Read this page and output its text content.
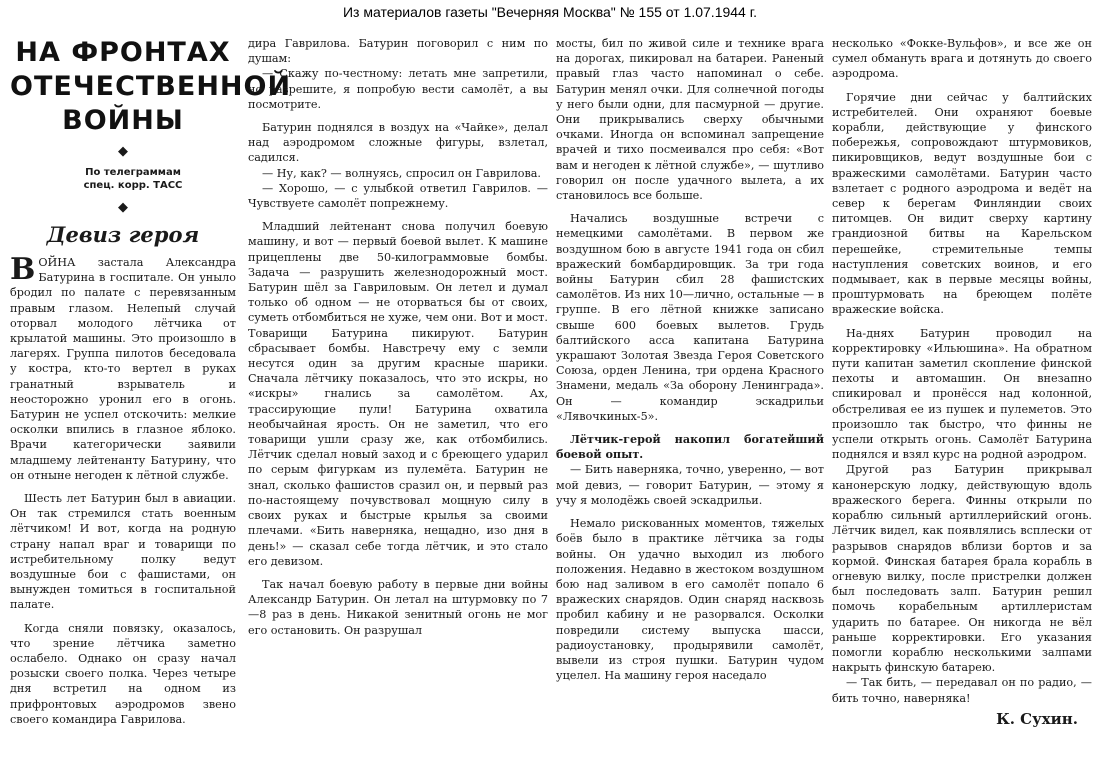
Из материалов газеты "Вечерняя Москва" № 155 от 1.07.1944 г.
НА ФРОНТАХ ОТЕЧЕСТВЕННОЙ ВОЙНЫ
◆
По телеграммам спец. корр. ТАСС
◆
Девиз героя

ВОЙНА застала Александра Батурина в госпитале. Он уныло бродил по палате с перевязанным правым глазом. Нелепый случай оторвал молодого лётчика от крылатой машины. Это произошло в лагерях. Группа пилотов беседовала у костра, кто-то вертел в руках гранатный взрыватель и неосторожно уронил его в огонь. Батурин не успел отскочить: мелкие осколки впились в глазное яблоко. Врачи категорически заявили младшему лейтенанту Батурину, что он отныне негоден к лётной службе.

Шесть лет Батурин был в авиации. Он так стремился стать военным лётчиком! И вот, когда на родную страну напал враг и товарищи по истребительному полку ведут воздушные бои с фашистами, он вынужден томиться в госпитальной палате.

Когда сняли повязку, оказалось, что зрение лётчика заметно ослабело. Однако он сразу начал розыски своего полка. Через четыре дня встретил на одном из прифронтовых аэродромов звено своего командира Гаврилова.

дира Гаврилова. Батурин поговорил с ним по душам:

— Скажу по-честному: летать мне запретили, но разрешите, я попробую вести самолёт, а вы посмотрите.

Батурин поднялся в воздух на «Чайке», делал над аэродромом сложные фигуры, взлетал, садился.

— Ну, как? — волнуясь, спросил он Гаврилова.

— Хорошо, — с улыбкой ответил Гаврилов. — Чувствуете самолёт попрежнему.

Младший лейтенант снова получил боевую машину, и вот — первый боевой вылет. К машине прицеплены две 50-килограммовые бомбы. Задача — разрушить железнодорожный мост. Батурин шёл за Гавриловым. Он летел и думал только об одном — не оторваться бы от своих, суметь отбомбиться не хуже, чем они. Вот и мост. Товарищи Батурина пикируют. Батурин сбрасывает бомбы. Навстречу ему с земли несутся один за другим красные шарики. Сначала лётчику показалось, что это искры, но «искры» гнались за самолётом. Ах, трассирующие пули! Батурина охватила необычайная ярость. Он не заметил, что его товарищи ушли сразу же, как отбомбились. Лётчик сделал новый заход и с бреющего ударил по серым фигуркам из пулемёта. Батурин не знал, сколько фашистов сразил он, и первый раз по-настоящему почувствовал мощную силу в своих руках и быстрые крылья за своими плечами. «Бить наверняка, нещадно, изо дня в день!» — сказал себе тогда лётчик, и это стало его девизом.

Так начал боевую работу в первые дни войны Александр Батурин. Он летал на штурмовку по 7—8 раз в день. Никакой зенитный огонь не мог его остановить. Он разрушал

мосты, бил по живой силе и технике врага на дорогах, пикировал на батареи. Раненый правый глаз часто напоминал о себе. Батурин менял очки. Для солнечной погоды у него были одни, для пасмурной — другие. Они прикрывались сверху обычными очками. Иногда он вспоминал запрещение врачей и тихо посмеивался про себя: «Вот вам и негоден к лётной службе», — шутливо говорил он после удачного вылета, а их становилось все больше.

Начались воздушные встречи с немецкими самолётами. В первом же воздушном бою в августе 1941 года он сбил вражеский бомбардировщик. За три года войны Батурин сбил 28 фашистских самолётов. Из них 10—лично, остальные — в группе. В его лётной книжке записано свыше 600 боевых вылетов. Грудь балтийского асса капитана Батурина украшают Золотая Звезда Героя Советского Союза, орден Ленина, три ордена Красного Знамени, медаль «За оборону Ленинграда». Он — командир эскадрильи «Лявочкиных-5».

Лётчик-герой накопил богатейший боевой опыт.

— Бить наверняка, точно, уверенно, — вот мой девиз, — говорит Батурин, — этому я учу я молодёжь своей эскадрильи.

Немало рискованных моментов, тяжелых боёв было в практике лётчика за годы войны. Он удачно выходил из любого положения. Недавно в жестоком воздушном бою над заливом в его самолёт попало 6 вражеских снарядов. Один снаряд насквозь пробил кабину и не разорвался. Осколки повредили систему выпуска шасси, радиоустановку, продырявили самолёт, вывели из строя пушки. Батурин чудом уцелел. На машину героя наседало

несколько «Фокке-Вульфов», и все же он сумел обмануть врага и дотянуть до своего аэродрома.

Горячие дни сейчас у балтийских истребителей. Они охраняют боевые корабли, действующие у финского побережья, сопровождают штурмовиков, пикировщиков, ведут воздушные бои с вражескими самолётами. Батурин часто взлетает с родного аэродрома и ведёт на север к берегам Финляндии своих питомцев. Он видит сверху картину грандиозной битвы на Карельском перешейке, стремительные темпы наступления советских воинов, и его подмывает, как в первые месяцы войны, проштурмовать на бреющем полёте вражеские войска.

На-днях Батурин проводил на корректировку «Ильюшина». На обратном пути капитан заметил скопление финской пехоты и автомашин. Он внезапно спикировал и пронёсся над колонной, обстреливая ее из пушек и пулеметов. Это произошло так быстро, что финны не успели открыть огонь. Самолёт Батурина поднялся и взял курс на родной аэродром.

Другой раз Батурин прикрывал канонерскую лодку, действующую вдоль вражеского берега. Финны открыли по кораблю сильный артиллерийский огонь. Лётчик видел, как появлялись всплески от разрывов снарядов вблизи бортов и за кормой. Финская батарея брала корабль в огневую вилку, после пристрелки должен был последовать залп. Батурин решил помочь корабельным артиллеристам ударить по батарее. Он никогда не вёл раньше корректировки. Его указания помогли кораблю несколькими залпами накрыть финскую батарею.

— Так бить, — передавал он по радио, — бить точно, наверняка!

К. Сухин.
